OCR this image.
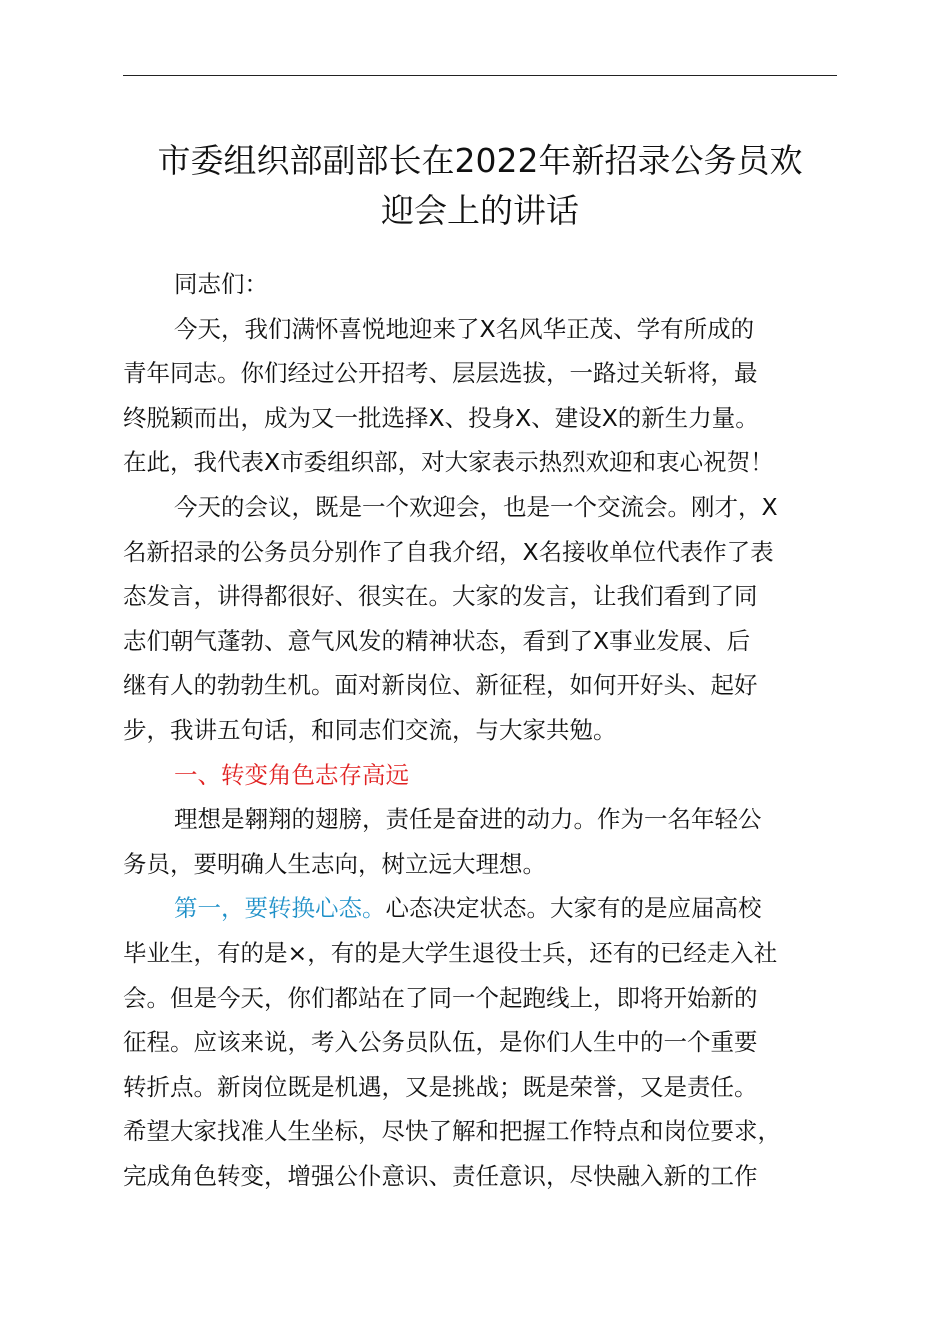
市委组织部副部长在2022年新招录公务员欢
迎会上的讲话
同志们：
今天，我们满怀喜悦地迎来了X名风华正茂、学有所成的
青年同志。你们经过公开招考、层层选拔，一路过关斩将，最
终脱颖而出，成为又一批选择X、投身X、建设X的新生力量。
在此，我代表X市委组织部，对大家表示热烈欢迎和衷心祝贺！
今天的会议，既是一个欢迎会，也是一个交流会。刚才，X
名新招录的公务员分别作了自我介绍，X名接收单位代表作了表
态发言，讲得都很好、很实在。大家的发言，让我们看到了同
志们朝气蓬勃、意气风发的精神状态，看到了X事业发展、后
继有人的勃勃生机。面对新岗位、新征程，如何开好头、起好
步，我讲五句话，和同志们交流，与大家共勉。
一、转变角色志存高远
理想是翱翔的翅膀，责任是奋进的动力。作为一名年轻公
务员，要明确人生志向，树立远大理想。
第一，要转换心态。心态决定状态。大家有的是应届高校
毕业生，有的是×，有的是大学生退役士兵，还有的已经走入社
会。但是今天，你们都站在了同一个起跑线上，即将开始新的
征程。应该来说，考入公务员队伍，是你们人生中的一个重要
转折点。新岗位既是机遇，又是挑战；既是荣誉，又是责任。
希望大家找准人生坐标，尽快了解和把握工作特点和岗位要求，
完成角色转变，增强公仆意识、责任意识，尽快融入新的工作
